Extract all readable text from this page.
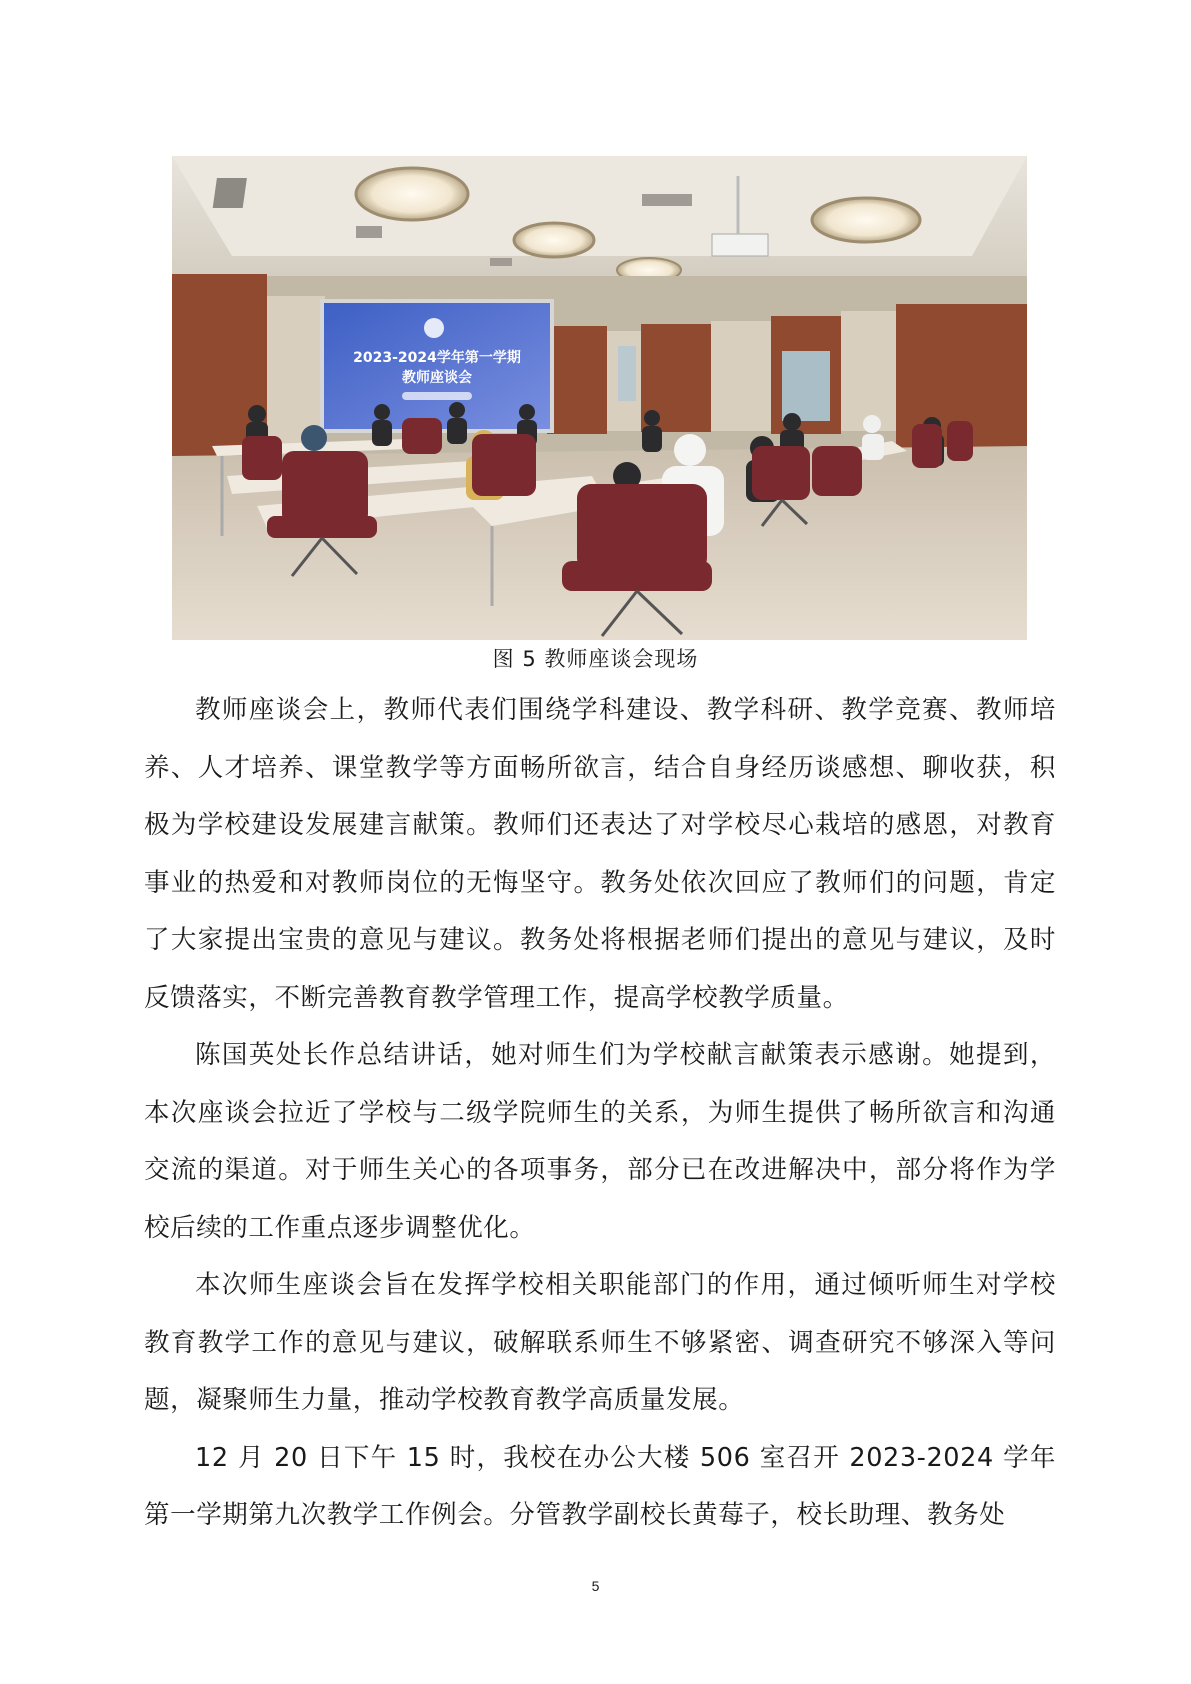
2023-2024学年第一学期
教师座谈会
图 5 教师座谈会现场

教师座谈会上，教师代表们围绕学科建设、教学科研、教学竞赛、教师培养、人才培养、课堂教学等方面畅所欲言，结合自身经历谈感想、聊收获，积极为学校建设发展建言献策。教师们还表达了对学校尽心栽培的感恩，对教育事业的热爱和对教师岗位的无悔坚守。教务处依次回应了教师们的问题，肯定了大家提出宝贵的意见与建议。教务处将根据老师们提出的意见与建议，及时反馈落实，不断完善教育教学管理工作，提高学校教学质量。

陈国英处长作总结讲话，她对师生们为学校献言献策表示感谢。她提到，本次座谈会拉近了学校与二级学院师生的关系，为师生提供了畅所欲言和沟通交流的渠道。对于师生关心的各项事务，部分已在改进解决中，部分将作为学校后续的工作重点逐步调整优化。

本次师生座谈会旨在发挥学校相关职能部门的作用，通过倾听师生对学校教育教学工作的意见与建议，破解联系师生不够紧密、调查研究不够深入等问题，凝聚师生力量，推动学校教育教学高质量发展。

12 月 20 日下午 15 时，我校在办公大楼 506 室召开 2023-2024 学年第一学期第九次教学工作例会。分管教学副校长黄莓子，校长助理、教务处

5
